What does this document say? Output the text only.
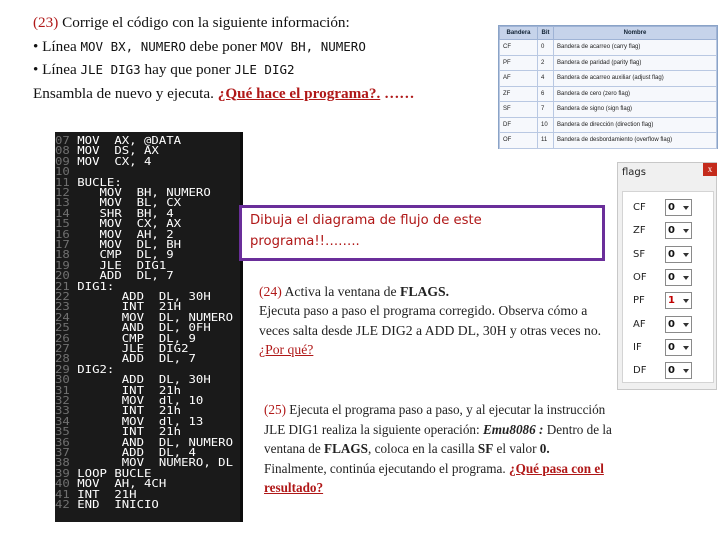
(23) Corrige el código con la siguiente información:
• Línea MOV BX, NUMERO debe poner MOV BH, NUMERO
• Línea JLE DIG3 hay que poner JLE DIG2
Ensambla de nuevo y ejecuta. ¿Qué hace el programa?. ……
Bandera	Bit	Nombre
CF	0	Bandera de acarreo (carry flag)
PF	2	Bandera de paridad (parity flag)
AF	4	Bandera de acarreo auxiliar (adjust flag)
ZF	6	Bandera de cero (zero flag)
SF	7	Bandera de signo (sign flag)
DF	10	Bandera de dirección (direction flag)
OF	11	Bandera de desbordamiento (overflow flag)
07 MOV  AX, @DATA
08 MOV  DS, AX
09 MOV  CX, 4
10
11 BUCLE:
12    MOV  BH, NUMERO
13    MOV  BL, CX
14    SHR  BH, 4
15    MOV  CX, AX
16    MOV  AH, 2
17    MOV  DL, BH
18    CMP  DL, 9
19    JLE  DIG1
20    ADD  DL, 7
21 DIG1:
22       ADD  DL, 30H
23       INT  21H
24       MOV  DL, NUMERO
25       AND  DL, 0FH
26       CMP  DL, 9
27       JLE  DIG2
28       ADD  DL, 7
29 DIG2:
30       ADD  DL, 30H
31       INT  21h
32       MOV  dl, 10
33       INT  21h
34       MOV  dl, 13
35       INT  21h
36       AND  DL, NUMERO
37       ADD  DL, 4
38       MOV  NUMERO, DL
39 LOOP BUCLE
40 MOV  AH, 4CH
41 INT  21H
42 END  INICIO
Dibuja el diagrama de flujo de este programa!!……..
(24) Activa la ventana de FLAGS.
Ejecuta paso a paso el programa corregido. Observa cómo a veces salta desde JLE DIG2 a ADD DL, 30H y otras veces no. ¿Por qué?
(25) Ejecuta el programa paso a paso, y al ejecutar la instrucción JLE DIG1 realiza la siguiente operación: Emu8086 : Dentro de la ventana de FLAGS, coloca en la casilla SF el valor 0.
Finalmente, continúa ejecutando el programa. ¿Qué pasa con el resultado?
flags	x
CF	0
ZF	0
SF	0
OF	0
PF	1
AF	0
IF	0
DF	0
